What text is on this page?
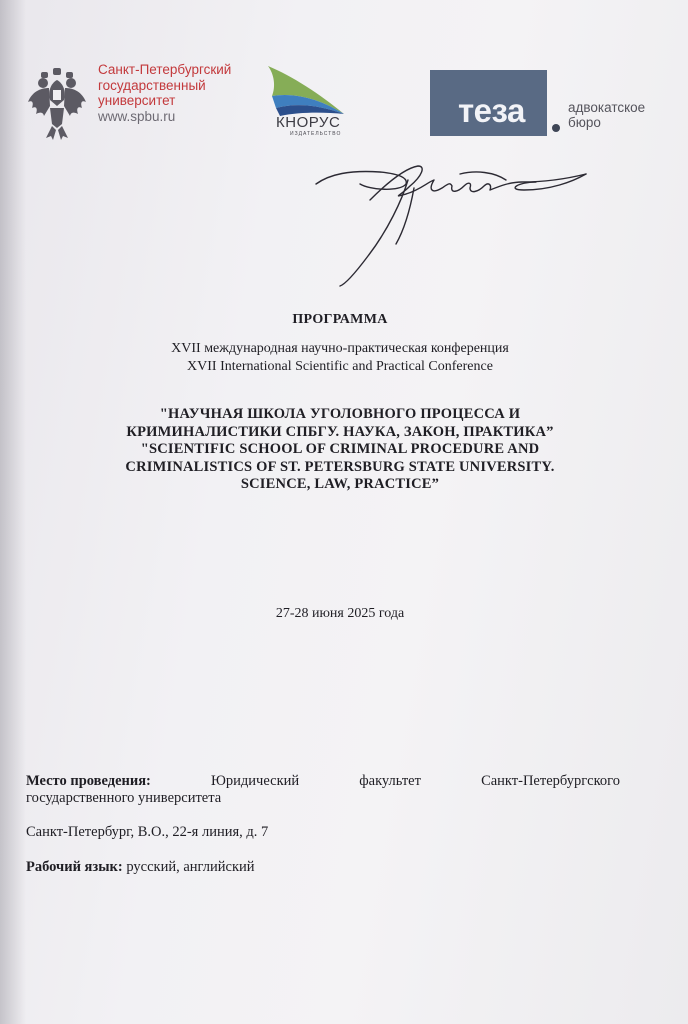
Санкт-Петербургский
государственный
университет
www.spbu.ru	КНОРУС
ИЗДАТЕЛЬСТВО
теза	адвокатское
бюро
ПРОГРАММА
XVII международная научно-практическая конференция
XVII International Scientific and Practical Conference
"НАУЧНАЯ ШКОЛА УГОЛОВНОГО ПРОЦЕССА И
КРИМИНАЛИСТИКИ СПБГУ. НАУКА, ЗАКОН, ПРАКТИКА”
"SCIENTIFIC SCHOOL OF CRIMINAL PROCEDURE AND
CRIMINALISTICS OF ST. PETERSBURG STATE UNIVERSITY.
SCIENCE, LAW, PRACTICE”
27-28 июня 2025 года
Место проведения:	Юридический	факультет	Санкт-Петербургского
государственного университета
Санкт-Петербург, В.О., 22-я линия, д. 7
Рабочий язык: русский, английский
